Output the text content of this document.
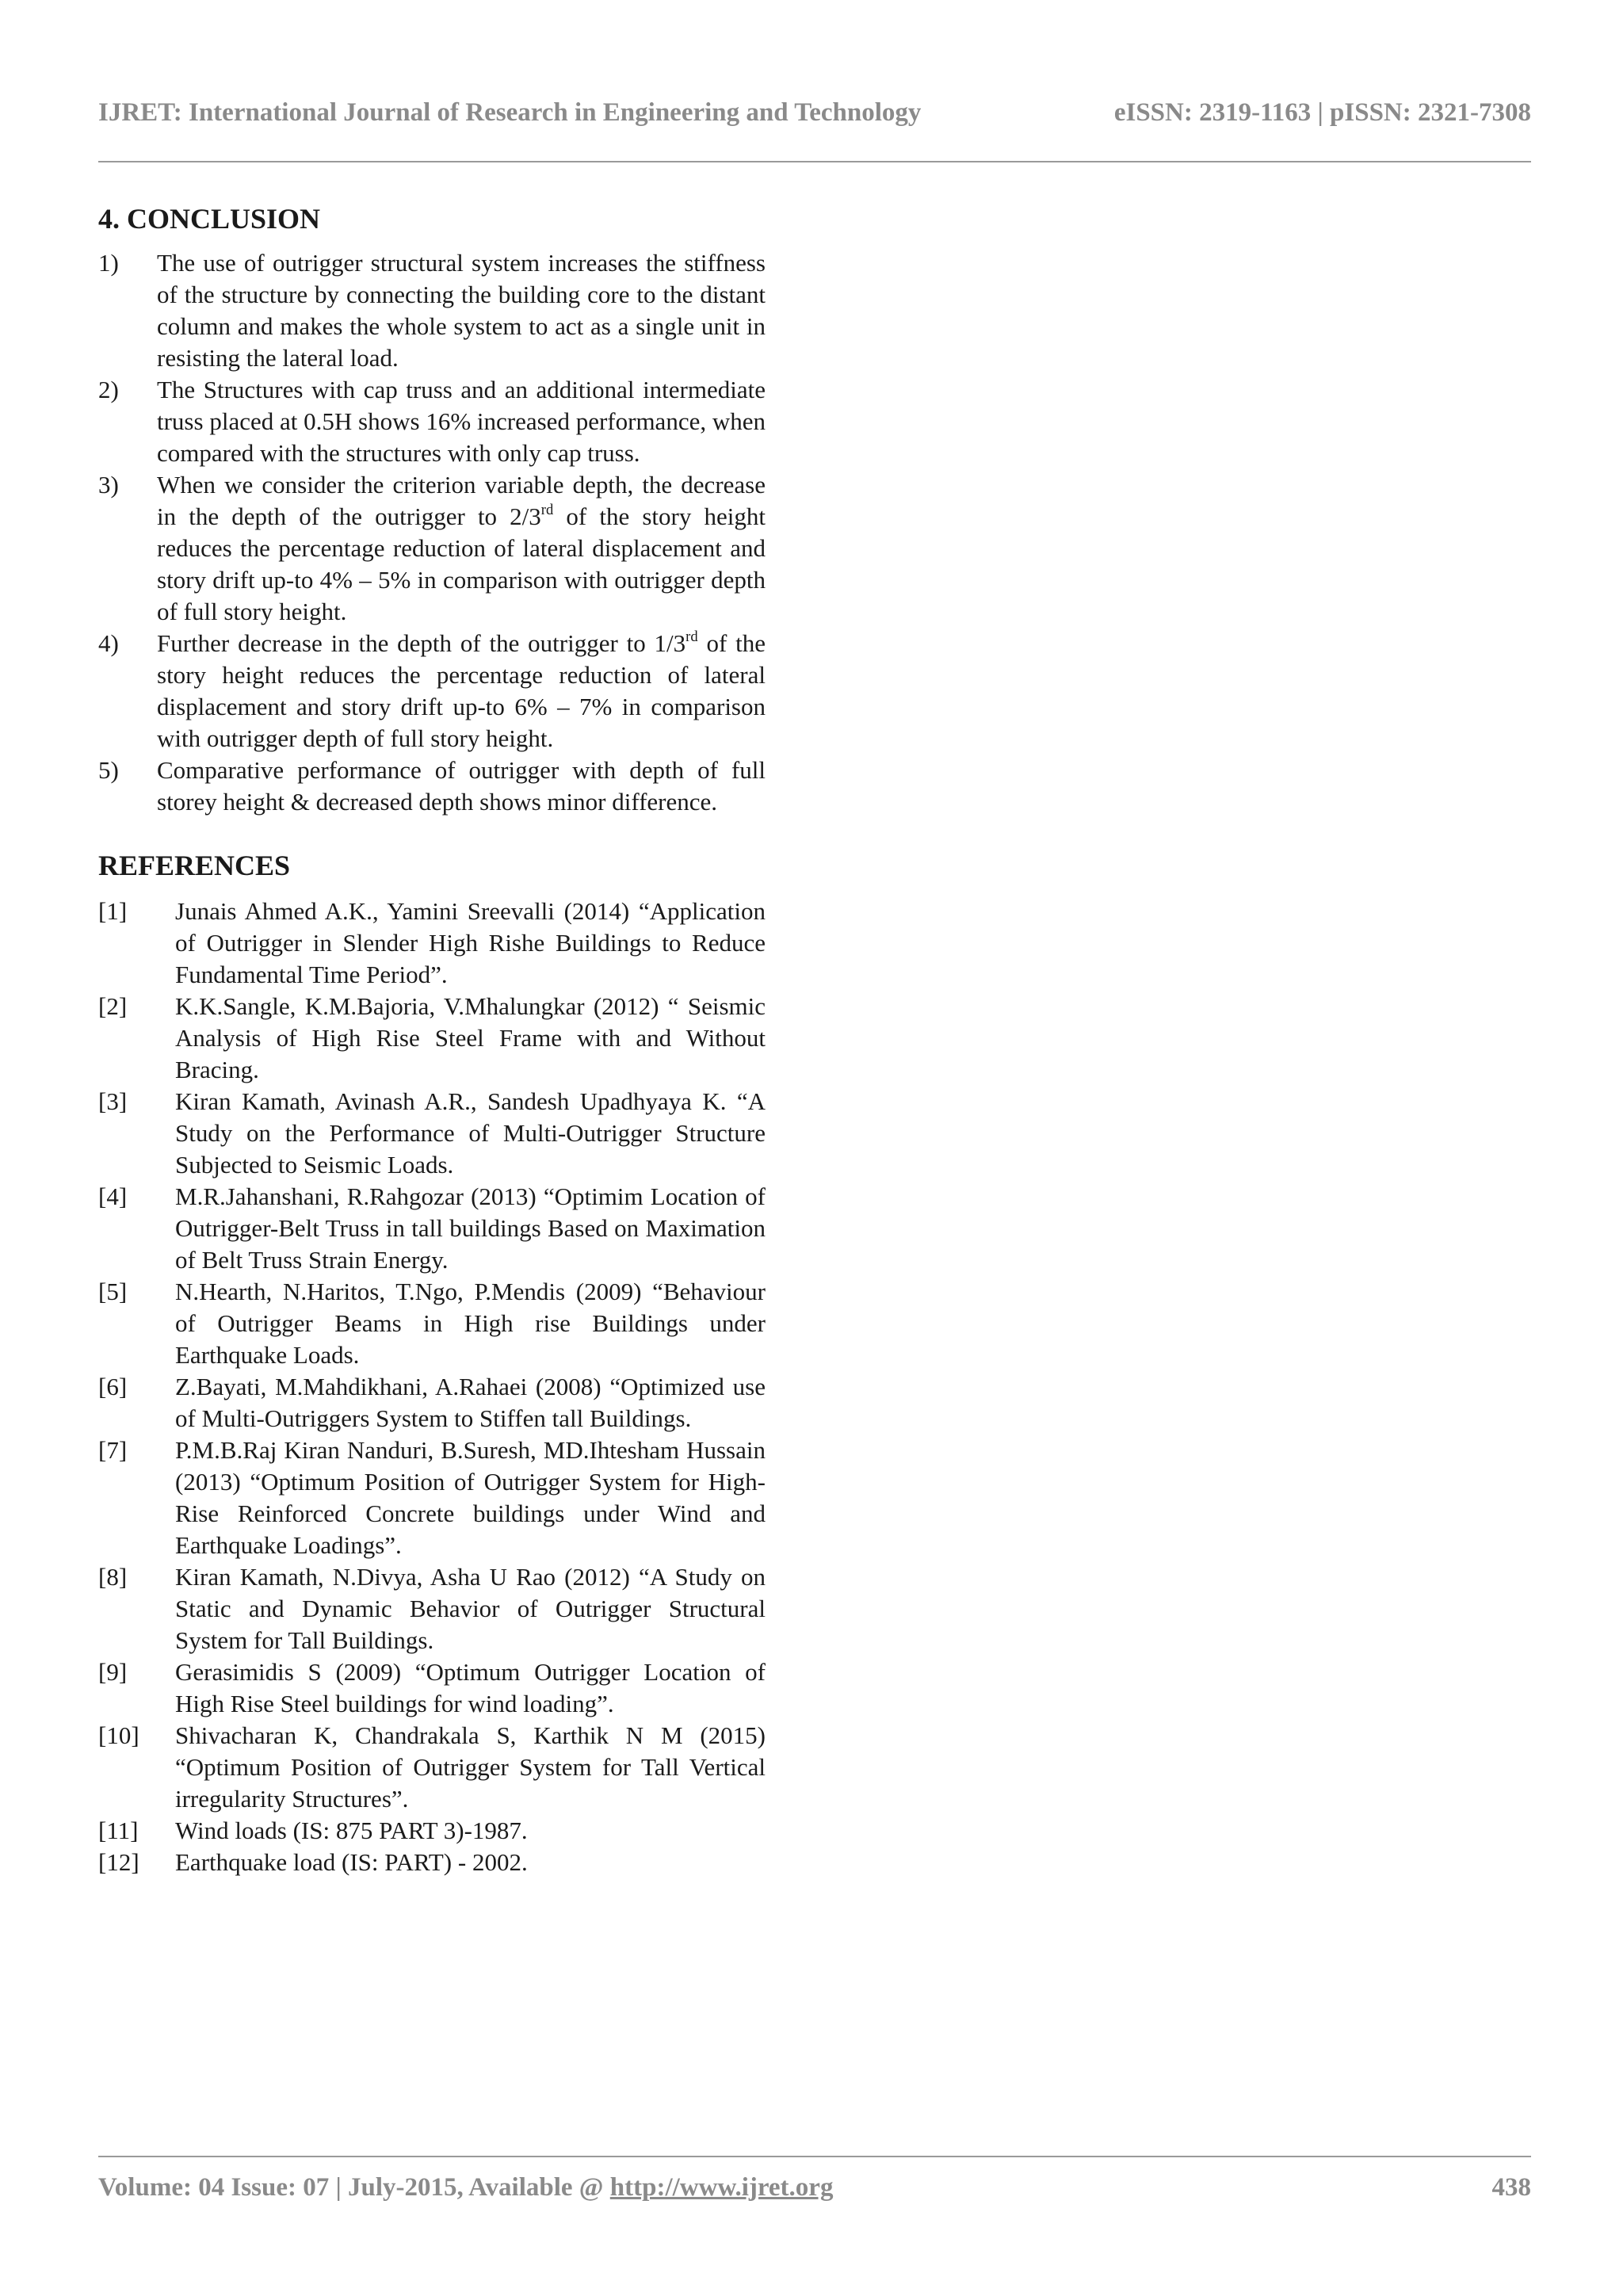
IJRET: International Journal of Research in Engineering and Technology	eISSN: 2319-1163 | pISSN: 2321-7308
4. CONCLUSION
1)	The use of outrigger structural system increases the stiffness of the structure by connecting the building core to the distant column and makes the whole system to act as a single unit in resisting the lateral load.
2)	The Structures with cap truss and an additional intermediate truss placed at 0.5H shows 16% increased performance, when compared with the structures with only cap truss.
3)	When we consider the criterion variable depth, the decrease in the depth of the outrigger to 2/3rd of the story height reduces the percentage reduction of lateral displacement and story drift up-to 4% – 5% in comparison with outrigger depth of full story height.
4)	Further decrease in the depth of the outrigger to 1/3rd of the story height reduces the percentage reduction of lateral displacement and story drift up-to 6% – 7% in comparison with outrigger depth of full story height.
5)	Comparative performance of outrigger with depth of full storey height & decreased depth shows minor difference.
REFERENCES
[1]	Junais Ahmed A.K., Yamini Sreevalli (2014) “Application of Outrigger in Slender High Rishe Buildings to Reduce Fundamental Time Period”.
[2]	K.K.Sangle, K.M.Bajoria, V.Mhalungkar (2012) “ Seismic Analysis of High Rise Steel Frame with and Without Bracing.
[3]	Kiran Kamath, Avinash A.R., Sandesh Upadhyaya K. “A Study on the Performance of Multi-Outrigger Structure Subjected to Seismic Loads.
[4]	M.R.Jahanshani, R.Rahgozar (2013) “Optimim Location of Outrigger-Belt Truss in tall buildings Based on Maximation of Belt Truss Strain Energy.
[5]	N.Hearth, N.Haritos, T.Ngo, P.Mendis (2009) “Behaviour of Outrigger Beams in High rise Buildings under Earthquake Loads.
[6]	Z.Bayati, M.Mahdikhani, A.Rahaei (2008) “Optimized use of Multi-Outriggers System to Stiffen tall Buildings.
[7]	P.M.B.Raj Kiran Nanduri, B.Suresh, MD.Ihtesham Hussain (2013) “Optimum Position of Outrigger System for High-Rise Reinforced Concrete buildings under Wind and Earthquake Loadings”.
[8]	Kiran Kamath, N.Divya, Asha U Rao (2012) “A Study on Static and Dynamic Behavior of Outrigger Structural System for Tall Buildings.
[9]	Gerasimidis S (2009) “Optimum Outrigger Location of High Rise Steel buildings for wind loading”.
[10]	Shivacharan K, Chandrakala S, Karthik N M (2015) “Optimum Position of Outrigger System for Tall Vertical irregularity Structures”.
[11]	Wind loads (IS: 875 PART 3)-1987.
[12]	Earthquake load (IS: PART) - 2002.
Volume: 04 Issue: 07 | July-2015, Available @ http://www.ijret.org	438
